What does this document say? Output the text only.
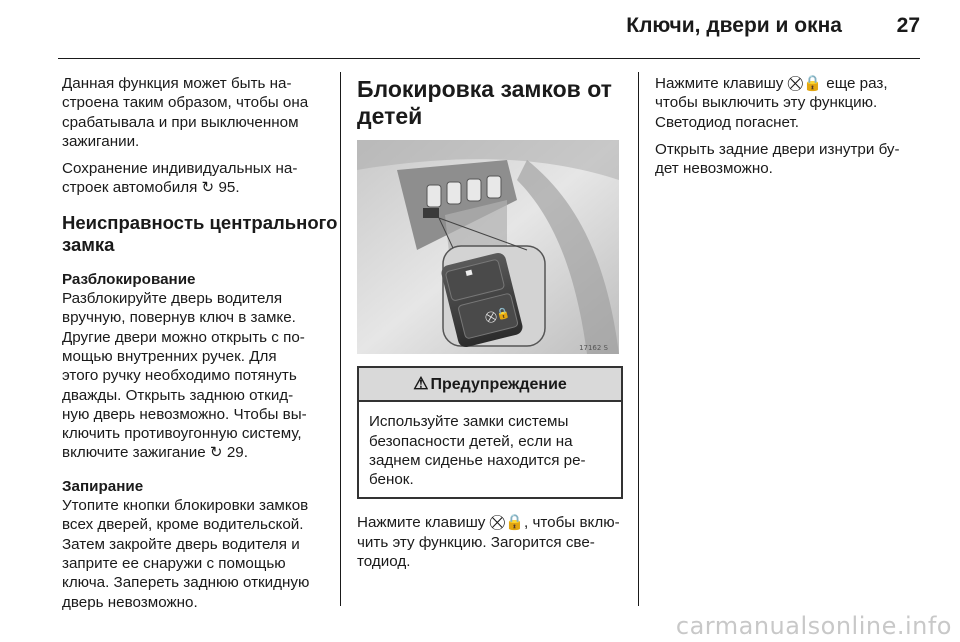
Ключи, двери и окна	27

Данная функция может быть на-
строена таким образом, чтобы она
срабатывала и при выключенном
зажигании.

Сохранение индивидуальных на-
строек автомобиля ↻ 95.

Неисправность центрального
замка
Разблокирование

Разблокируйте дверь водителя
вручную, повернув ключ в замке.
Другие двери можно открыть с по-
мощью внутренних ручек. Для
этого ручку необходимо потянуть
дважды. Открыть заднюю откид-
ную дверь невозможно. Чтобы вы-
ключить противоугонную систему,
включите зажигание ↻ 29.

Запирание

Утопите кнопки блокировки замков
всех дверей, кроме водительской.
Затем закройте дверь водителя и
заприте ее снаружи с помощью
ключа. Запереть заднюю откидную
дверь невозможно.

Блокировка замков от
детей
⛒🔒
17162 S
⚠ Предупреждение
Используйте замки системы
безопасности детей, если на
заднем сиденье находится ре-
бенок.

Нажмите клавишу ⛒🔒, чтобы вклю-
чить эту функцию. Загорится све-
тодиод.

Нажмите клавишу ⛒🔒 еще раз,
чтобы выключить эту функцию.
Светодиод погаснет.

Открыть задние двери изнутри бу-
дет невозможно.

carmanualsonline.info
